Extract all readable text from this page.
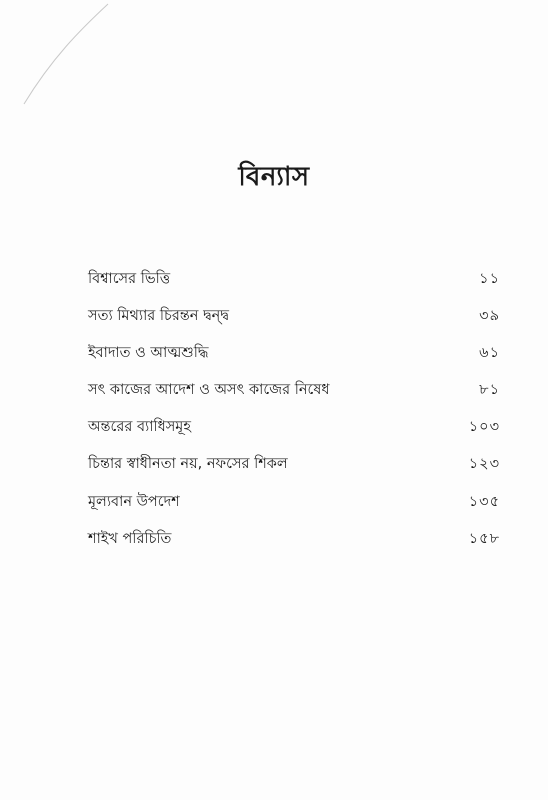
বিন্যাস
বিশ্বাসের ভিত্তি	১১
সত্য মিথ্যার চিরন্তন দ্বন্দ্ব	৩৯
ইবাদাত ও আত্মশুদ্ধি	৬১
সৎ কাজের আদেশ ও অসৎ কাজের নিষেধ	৮১
অন্তরের ব্যাধিসমূহ	১০৩
চিন্তার স্বাধীনতা নয়, নফসের শিকল	১২৩
মূল্যবান উপদেশ	১৩৫
শাইখ পরিচিতি	১৫৮
